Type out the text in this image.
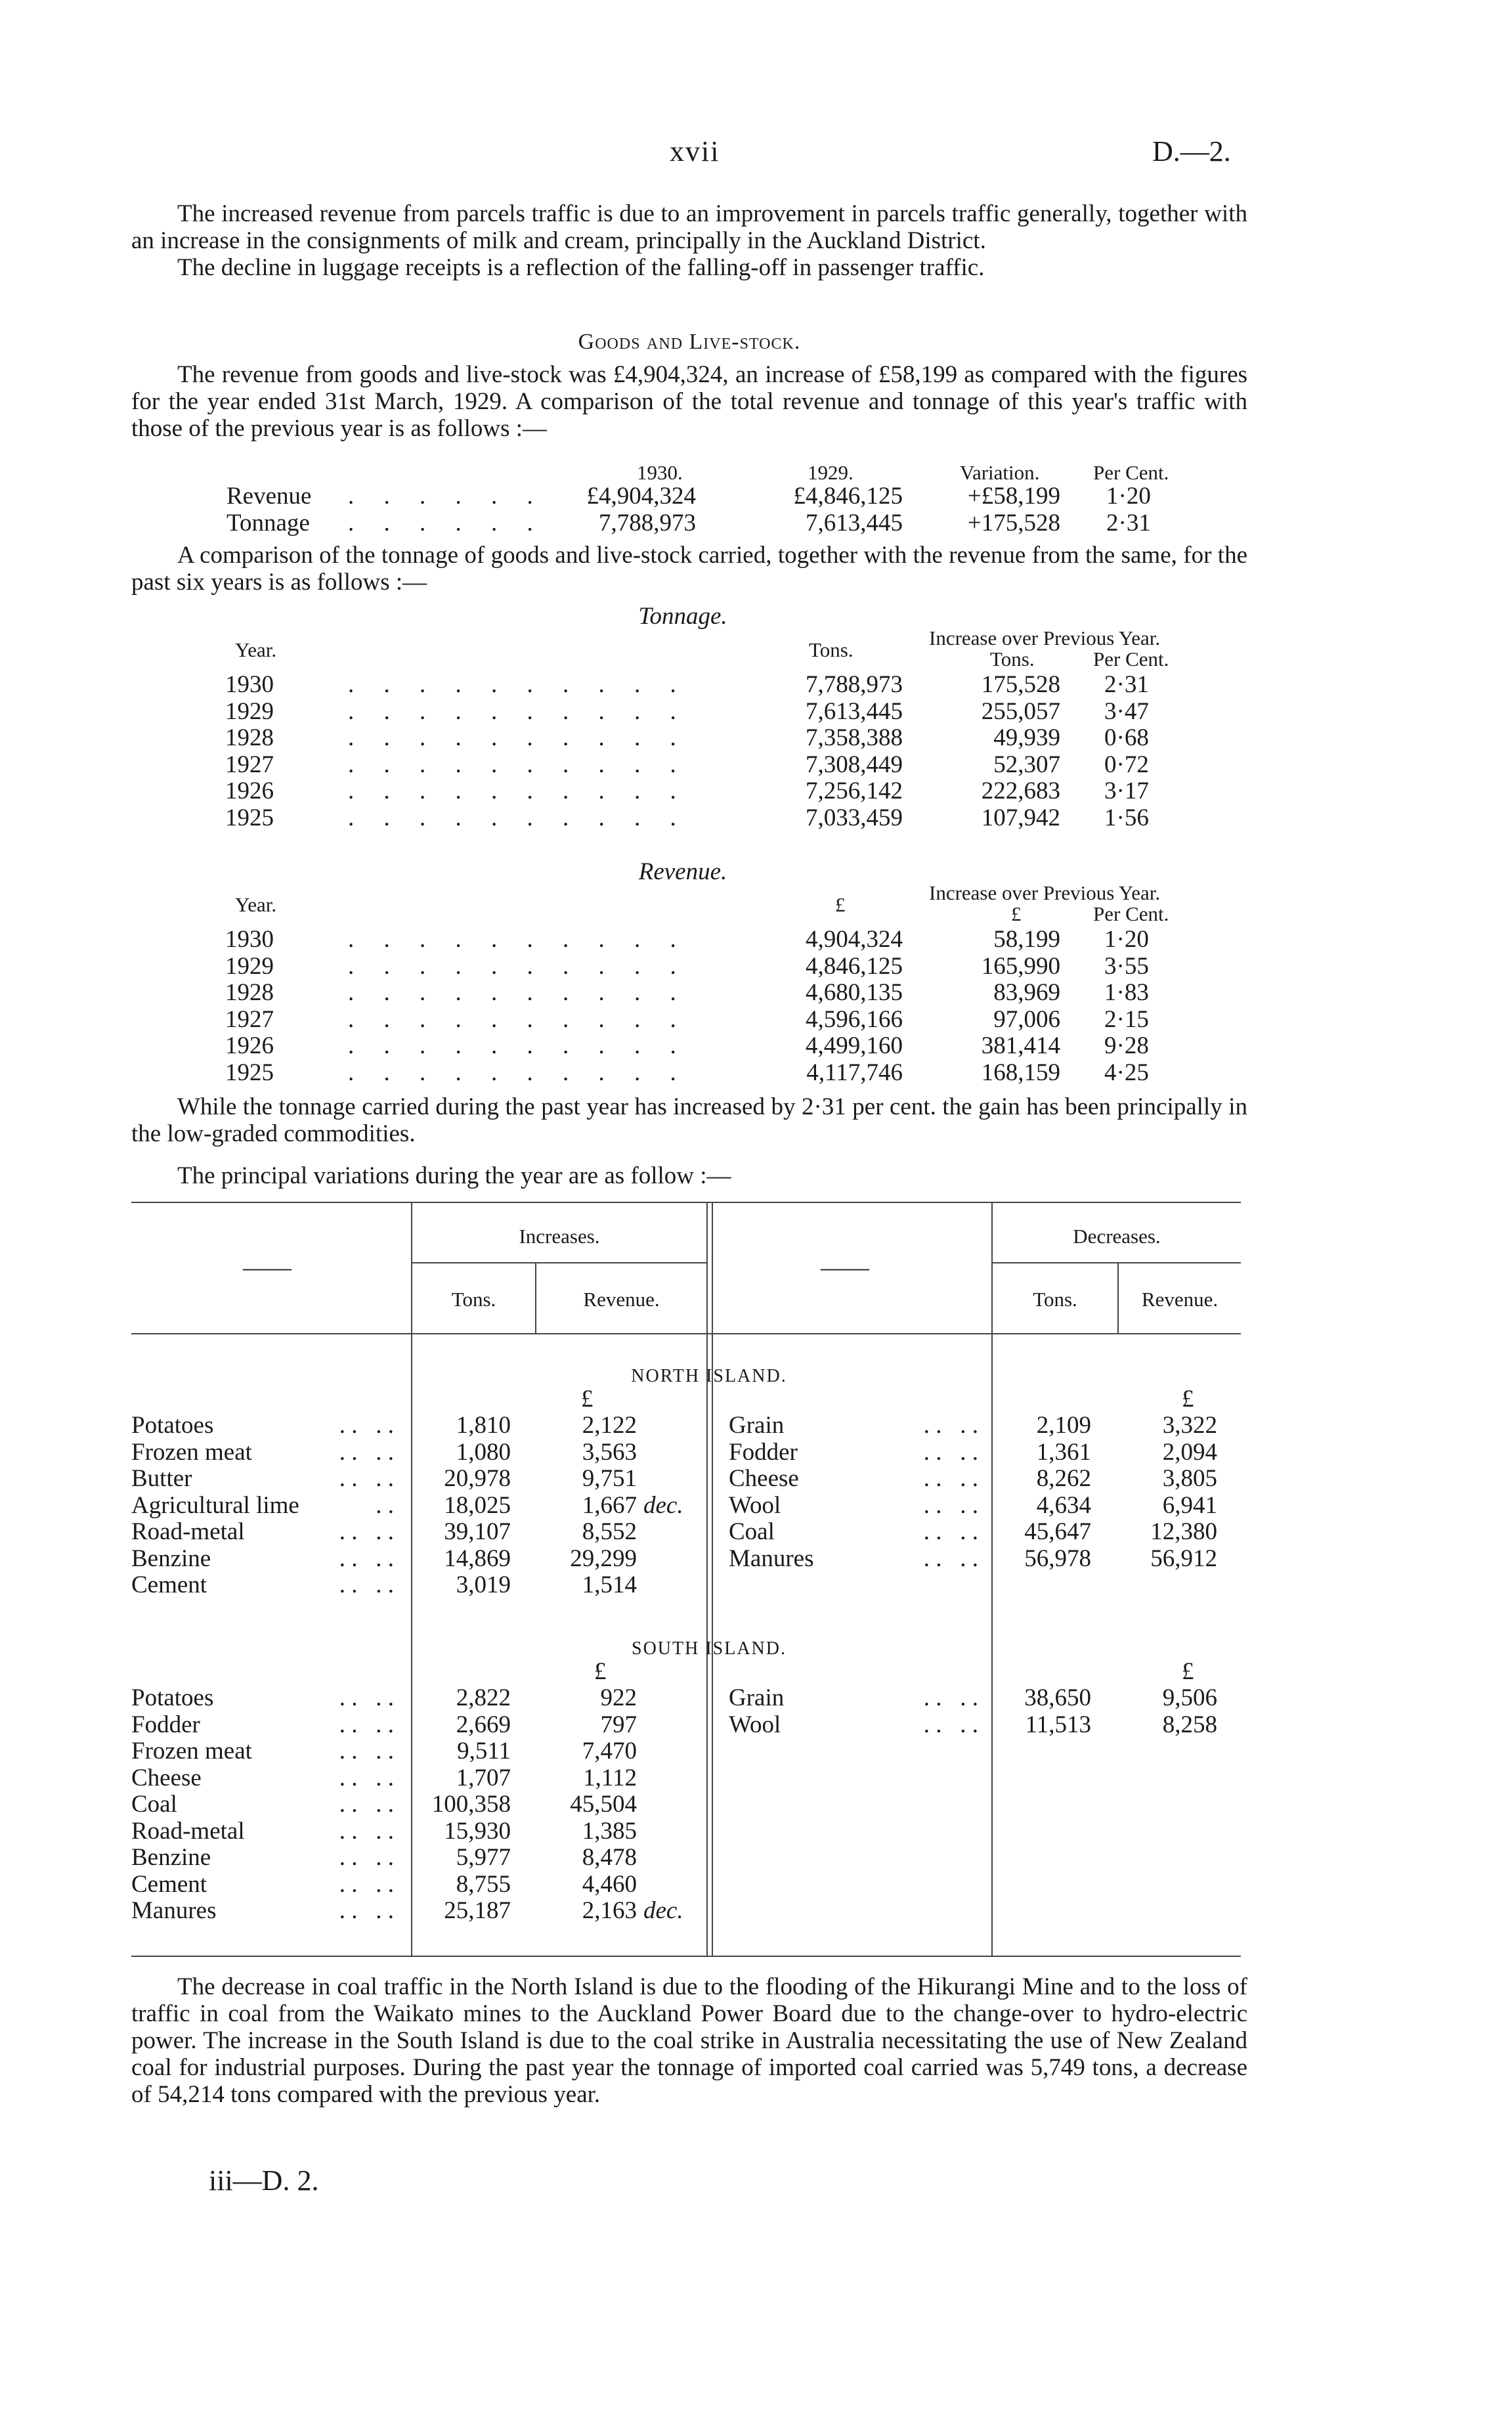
xvii	D.—2.
The increased revenue from parcels traffic is due to an improvement in parcels traffic generally, together with an increase in the consignments of milk and cream, principally in the Auckland District.
The decline in luggage receipts is a reflection of the falling-off in passenger traffic.
Goods and Live-stock.
The revenue from goods and live-stock was £4,904,324, an increase of £58,199 as compared with the figures for the year ended 31st March, 1929. A comparison of the total revenue and tonnage of this year's traffic with those of the previous year is as follows :—
1930.	1929.	Variation.	Per Cent.
Revenue . . . . . .	£4,904,324	£4,846,125	+£58,199 1·20
Tonnage . . . . . .	7,788,973	7,613,445	+175,528 2·31
A comparison of the tonnage of goods and live-stock carried, together with the revenue from the same, for the past six years is as follows :—
Tonnage.
Increase over Previous Year.
Year.	Tons.	Tons.	Per Cent.
1930	. . . . . . . . . .	7,788,973	175,528 2·31
1929	. . . . . . . . . .	7,613,445	255,057 3·47
1928	. . . . . . . . . .	7,358,388	49,939 0·68
1927	. . . . . . . . . .	7,308,449	52,307 0·72
1926	. . . . . . . . . .	7,256,142	222,683 3·17
1925	. . . . . . . . . .	7,033,459	107,942 1·56
Revenue.
Increase over Previous Year.
Year.	£	£	Per Cent.
1930	. . . . . . . . . .	4,904,324	58,199 1·20
1929	. . . . . . . . . .	4,846,125	165,990 3·55
1928	. . . . . . . . . .	4,680,135	83,969 1·83
1927	. . . . . . . . . .	4,596,166	97,006 2·15
1926	. . . . . . . . . .	4,499,160	381,414 9·28
1925	. . . . . . . . . .	4,117,746	168,159 4·25
While the tonnage carried during the past year has increased by 2·31 per cent. the gain has been principally in the low-graded commodities.
The principal variations during the year are as follow :—
——	——
Increases.	Decreases.
Tons.	Revenue.	Tons.	Revenue.
NORTH ISLAND.
£	£
Potatoes	. .   . .	1,810	2,122
Frozen meat	. .   . .	1,080	3,563
Butter	. .   . .	20,978	9,751
Agricultural lime	. .	18,025	1,667 dec.
Road-metal	. .   . .	39,107	8,552
Benzine	. .   . .	14,869	29,299
Cement	. .   . .	3,019	1,514
Grain	. .   . .	2,109	3,322
Fodder	. .   . .	1,361	2,094
Cheese	. .   . .	8,262	3,805
Wool	. .   . .	4,634	6,941
Coal	. .   . .	45,647	12,380
Manures	. .   . .	56,978	56,912
SOUTH ISLAND.
£	£
Potatoes	. .   . .	2,822	922
Fodder	. .   . .	2,669	797
Frozen meat	. .   . .	9,511	7,470
Cheese	. .   . .	1,707	1,112
Coal	. .   . .	100,358	45,504
Road-metal	. .   . .	15,930	1,385
Benzine	. .   . .	5,977	8,478
Cement	. .   . .	8,755	4,460
Manures	. .   . .	25,187	2,163 dec.
Grain	. .   . .	38,650	9,506
Wool	. .   . .	11,513	8,258
The decrease in coal traffic in the North Island is due to the flooding of the Hikurangi Mine and to the loss of traffic in coal from the Waikato mines to the Auckland Power Board due to the change-over to hydro-electric power. The increase in the South Island is due to the coal strike in Australia necessitating the use of New Zealand coal for industrial purposes. During the past year the tonnage of imported coal carried was 5,749 tons, a decrease of 54,214 tons compared with the previous year.
iii—D. 2.
